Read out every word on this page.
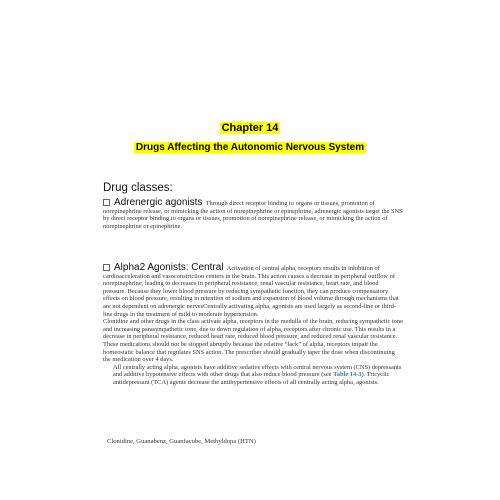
Chapter 14
Drugs Affecting the Autonomic Nervous System
Drug classes:
Adrenergic agonists Through direct receptor binding to organs or tissues, promotion of norepinephrine release, or mimicking the action of norepinephrine or epinephrine, adrenergic agonists target the SNS by direct receptor binding to organs or tissues, promotion of norepinephrine release, or mimicking the action of norepinephrine or epinephrine.
Alpha2 Agonists: Central Activation of central alpha, receptors results in inhibition of cardioacceleration and vasoconstriction centers in the brain. This action causes a decrease in peripheral outflow of norepinephrine, leading to decreases in peripheral resistance, renal vascular resistance, heart rate, and blood pressure. Because they lower blood pressure by reducing sympathetic function, they can produce compensatory effects on blood pressure, resulting in retention of sodium and expansion of blood volume through mechanisms that are not dependent on adrenergic nervesCentrally activating alpha, agonists are used largely as second-line or third-line drugs in the treatment of mild to moderate hypertension.
Clonidine and other drugs in the class activate alpha, receptors in the medulla of the brain, reducing sympathetic tone and increasing parasympathetic tone, due to down regulation of alpha, receptors after chronic use. This results in a decrease in peripheral resistance, reduced heart rate, reduced blood pressure, and reduced renal vascular resistance. These medications should not be stopped abruptly because the relative “lack” of alpha, receptors impair the homeostatic balance that regulates SNS action. The prescriber should gradually taper the dose when discontinuing the medication over 4 days.
All centrally acting alpha, agonists have additive sedative effects with central nervous system (CNS) depressants and additive hypotensive effects with other drugs that also reduce blood pressure (see Table 14-3). Tricyclic antidepressant (TCA) agents decrease the antihypertensive effects of all centrally acting alpha, agonists.
Clonidine, Guanabenz, Guanfacube, Methyldopa (HTN)
